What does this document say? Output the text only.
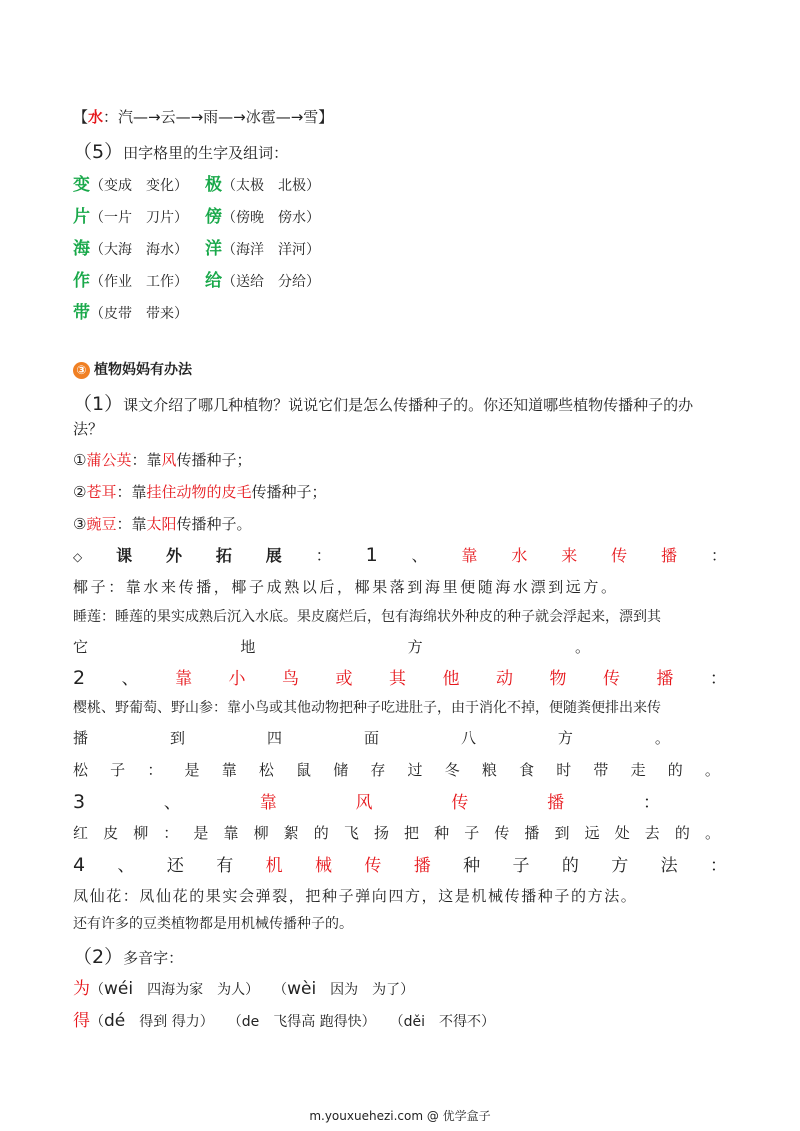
【水：汽—→云—→雨—→冰雹—→雪】
（5）田字格里的生字及组词：
变（变成　变化） 极（太极　北极）
片（一片　刀片） 傍（傍晚　傍水）
海（大海　海水） 洋（海洋　洋河）
作（作业　工作） 给（送给　分给）
带（皮带　带来）
③ 植物妈妈有办法
（1）课文介绍了哪几种植物？说说它们是怎么传播种子的。你还知道哪些植物传播种子的办
法？
①蒲公英：靠风传播种子；
②苍耳：靠挂住动物的皮毛传播种子；
③豌豆：靠太阳传播种子。
◇ 课 外 拓 展 ： 1 、 靠 水 来 传 播 ：
椰子：靠水来传播，椰子成熟以后，椰果落到海里便随海水漂到远方。
睡莲：睡莲的果实成熟后沉入水底。果皮腐烂后，包有海绵状外种皮的种子就会浮起来，漂到其
它	地	方	。
2 、 靠 小 鸟 或 其 他 动 物 传 播 ：
樱桃、野葡萄、野山参：靠小鸟或其他动物把种子吃进肚子，由于消化不掉，便随粪便排出来传
播	到	四	面	八	方	。
松 子 ： 是 靠 松 鼠 储 存 过 冬 粮 食 时 带 走 的 。
3	、	靠	风	传	播	：
红 皮 柳 ： 是 靠 柳 絮 的 飞 扬 把 种 子 传 播 到 远 处 去 的 。
4 、 还 有 机 械 传 播 种 子 的 方 法 ：
凤仙花：凤仙花的果实会弹裂，把种子弹向四方，这是机械传播种子的方法。
还有许多的豆类植物都是用机械传播种子的。
（2）多音字：
为（wéi　四海为家　为人）　　（wèi　因为　为了）
得（dé　得到 得力）　　（de　飞得高 跑得快）　　（děi　不得不）
m.youxuehezi.com @ 优学盒子
